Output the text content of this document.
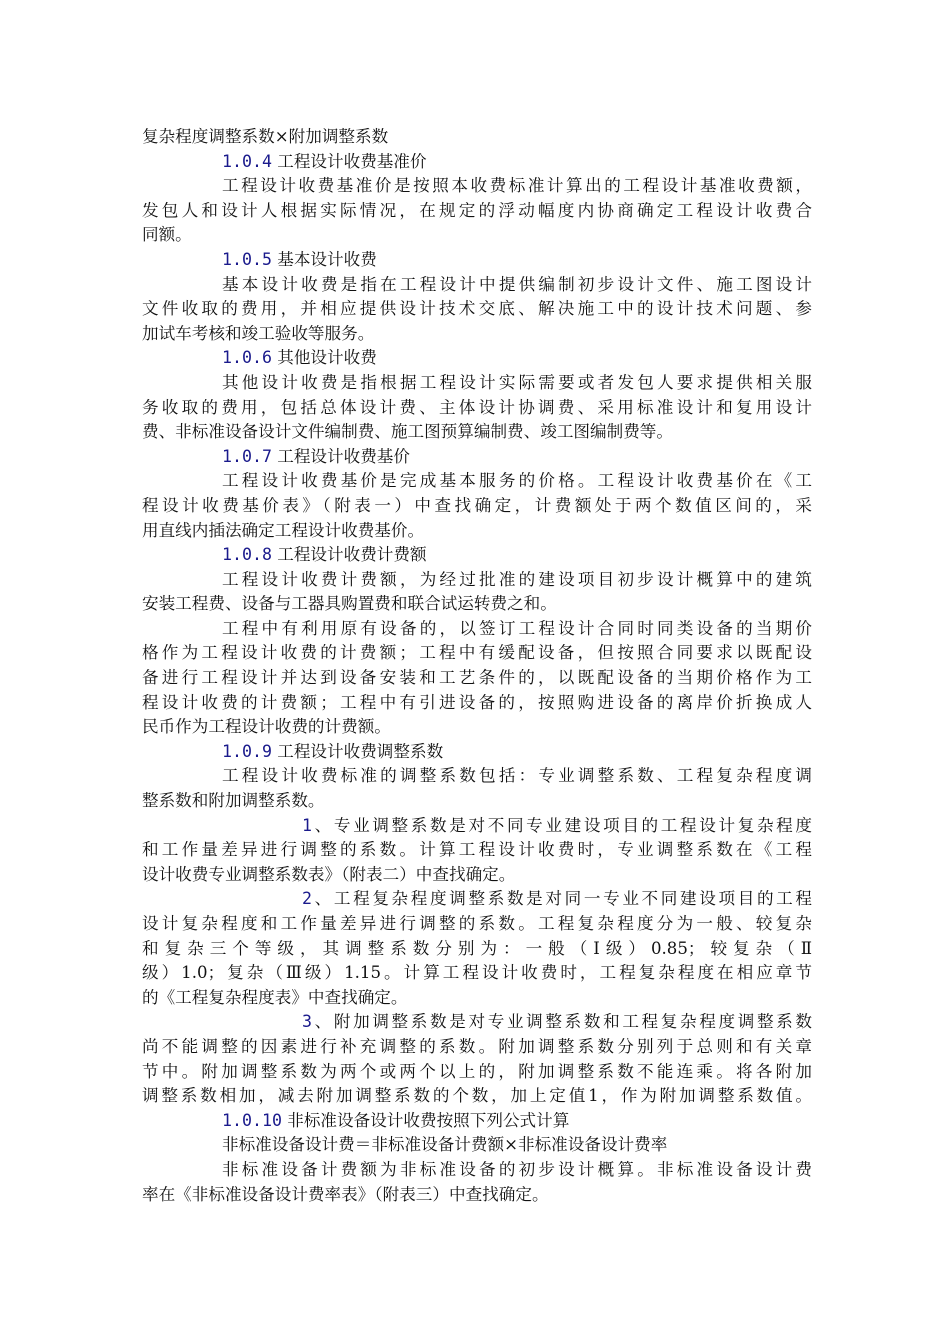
复杂程度调整系数×附加调整系数
1.0.4 工程设计收费基准价
工程设计收费基准价是按照本收费标准计算出的工程设计基准收费额，
发包人和设计人根据实际情况，在规定的浮动幅度内协商确定工程设计收费合
同额。
1.0.5 基本设计收费
基本设计收费是指在工程设计中提供编制初步设计文件、施工图设计
文件收取的费用，并相应提供设计技术交底、解决施工中的设计技术问题、参
加试车考核和竣工验收等服务。
1.0.6 其他设计收费
其他设计收费是指根据工程设计实际需要或者发包人要求提供相关服
务收取的费用，包括总体设计费、主体设计协调费、采用标准设计和复用设计
费、非标准设备设计文件编制费、施工图预算编制费、竣工图编制费等。
1.0.7 工程设计收费基价
工程设计收费基价是完成基本服务的价格。工程设计收费基价在《工
程设计收费基价表》（附表一）中查找确定，计费额处于两个数值区间的，采
用直线内插法确定工程设计收费基价。
1.0.8 工程设计收费计费额
工程设计收费计费额，为经过批准的建设项目初步设计概算中的建筑
安装工程费、设备与工器具购置费和联合试运转费之和。
工程中有利用原有设备的，以签订工程设计合同时同类设备的当期价
格作为工程设计收费的计费额；工程中有缓配设备，但按照合同要求以既配设
备进行工程设计并达到设备安装和工艺条件的，以既配设备的当期价格作为工
程设计收费的计费额；工程中有引进设备的，按照购进设备的离岸价折换成人
民币作为工程设计收费的计费额。
1.0.9 工程设计收费调整系数
工程设计收费标准的调整系数包括：专业调整系数、工程复杂程度调
整系数和附加调整系数。
1、专业调整系数是对不同专业建设项目的工程设计复杂程度
和工作量差异进行调整的系数。计算工程设计收费时，专业调整系数在《工程
设计收费专业调整系数表》（附表二）中查找确定。
2、工程复杂程度调整系数是对同一专业不同建设项目的工程
设计复杂程度和工作量差异进行调整的系数。工程复杂程度分为一般、较复杂
和复杂三个等级，其调整系数分别为：一般（Ⅰ级）0.85；较复杂（Ⅱ
级）1.0；复杂（Ⅲ级）1.15。计算工程设计收费时，工程复杂程度在相应章节
的《工程复杂程度表》中查找确定。
3、附加调整系数是对专业调整系数和工程复杂程度调整系数
尚不能调整的因素进行补充调整的系数。附加调整系数分别列于总则和有关章
节中。附加调整系数为两个或两个以上的，附加调整系数不能连乘。将各附加
调整系数相加，减去附加调整系数的个数，加上定值1，作为附加调整系数值。
1.0.10 非标准设备设计收费按照下列公式计算
非标准设备设计费＝非标准设备计费额×非标准设备设计费率
非标准设备计费额为非标准设备的初步设计概算。非标准设备设计费
率在《非标准设备设计费率表》（附表三）中查找确定。
